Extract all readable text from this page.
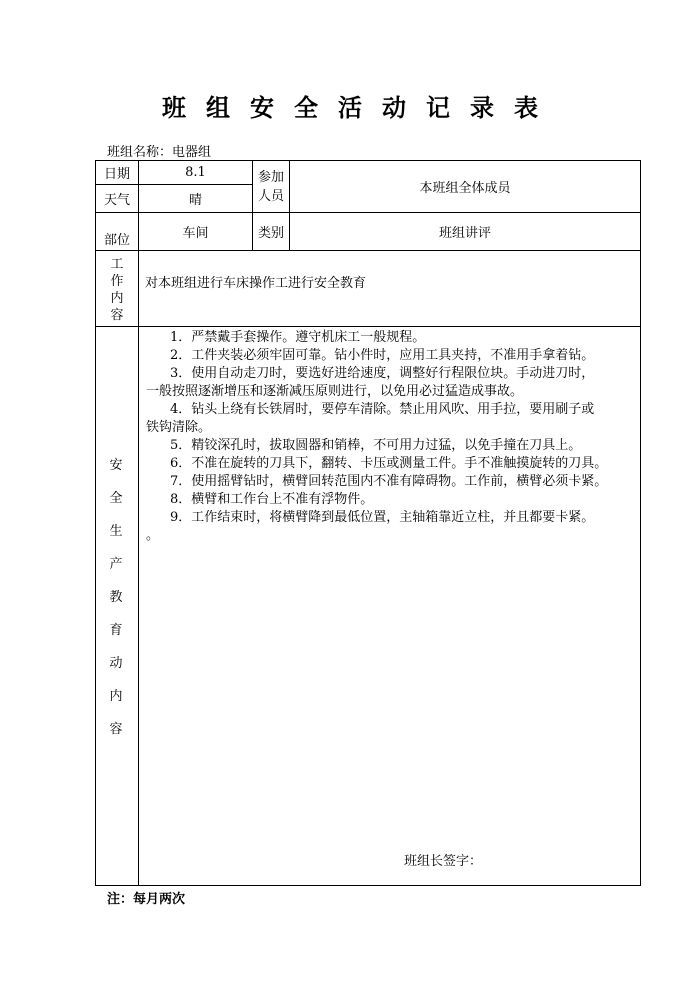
班组安全活动记录表
班组名称：电器组
日期	8.1
天气	晴
参加
人员	本班组全体成员
部位	车间	类别	班组讲评
工
作
内
容
对本班组进行车床操作工进行安全教育
安
全
生
产
教
育
动
内
容

1．严禁戴手套操作。遵守机床工一般规程。

2．工件夹装必须牢固可靠。钻小件时，应用工具夹持，不准用手拿着钻。

3．使用自动走刀时，要选好进给速度，调整好行程限位块。手动进刀时，

一般按照逐渐增压和逐渐减压原则进行，以免用必过猛造成事故。

4．钻头上绕有长铁屑时，要停车清除。禁止用风吹、用手拉，要用刷子或

铁钩清除。

5．精铰深孔时，拔取圆器和销棒，不可用力过猛，以免手撞在刀具上。

6．不准在旋转的刀具下，翻转、卡压或测量工件。手不准触摸旋转的刀具。

7．使用摇臂钻时，横臂回转范围内不准有障碍物。工作前，横臂必须卡紧。

8．横臂和工作台上不准有浮物件。

9．工作结束时，将横臂降到最低位置，主轴箱靠近立柱，并且都要卡紧。

。

班组长签字：
注：每月两次
